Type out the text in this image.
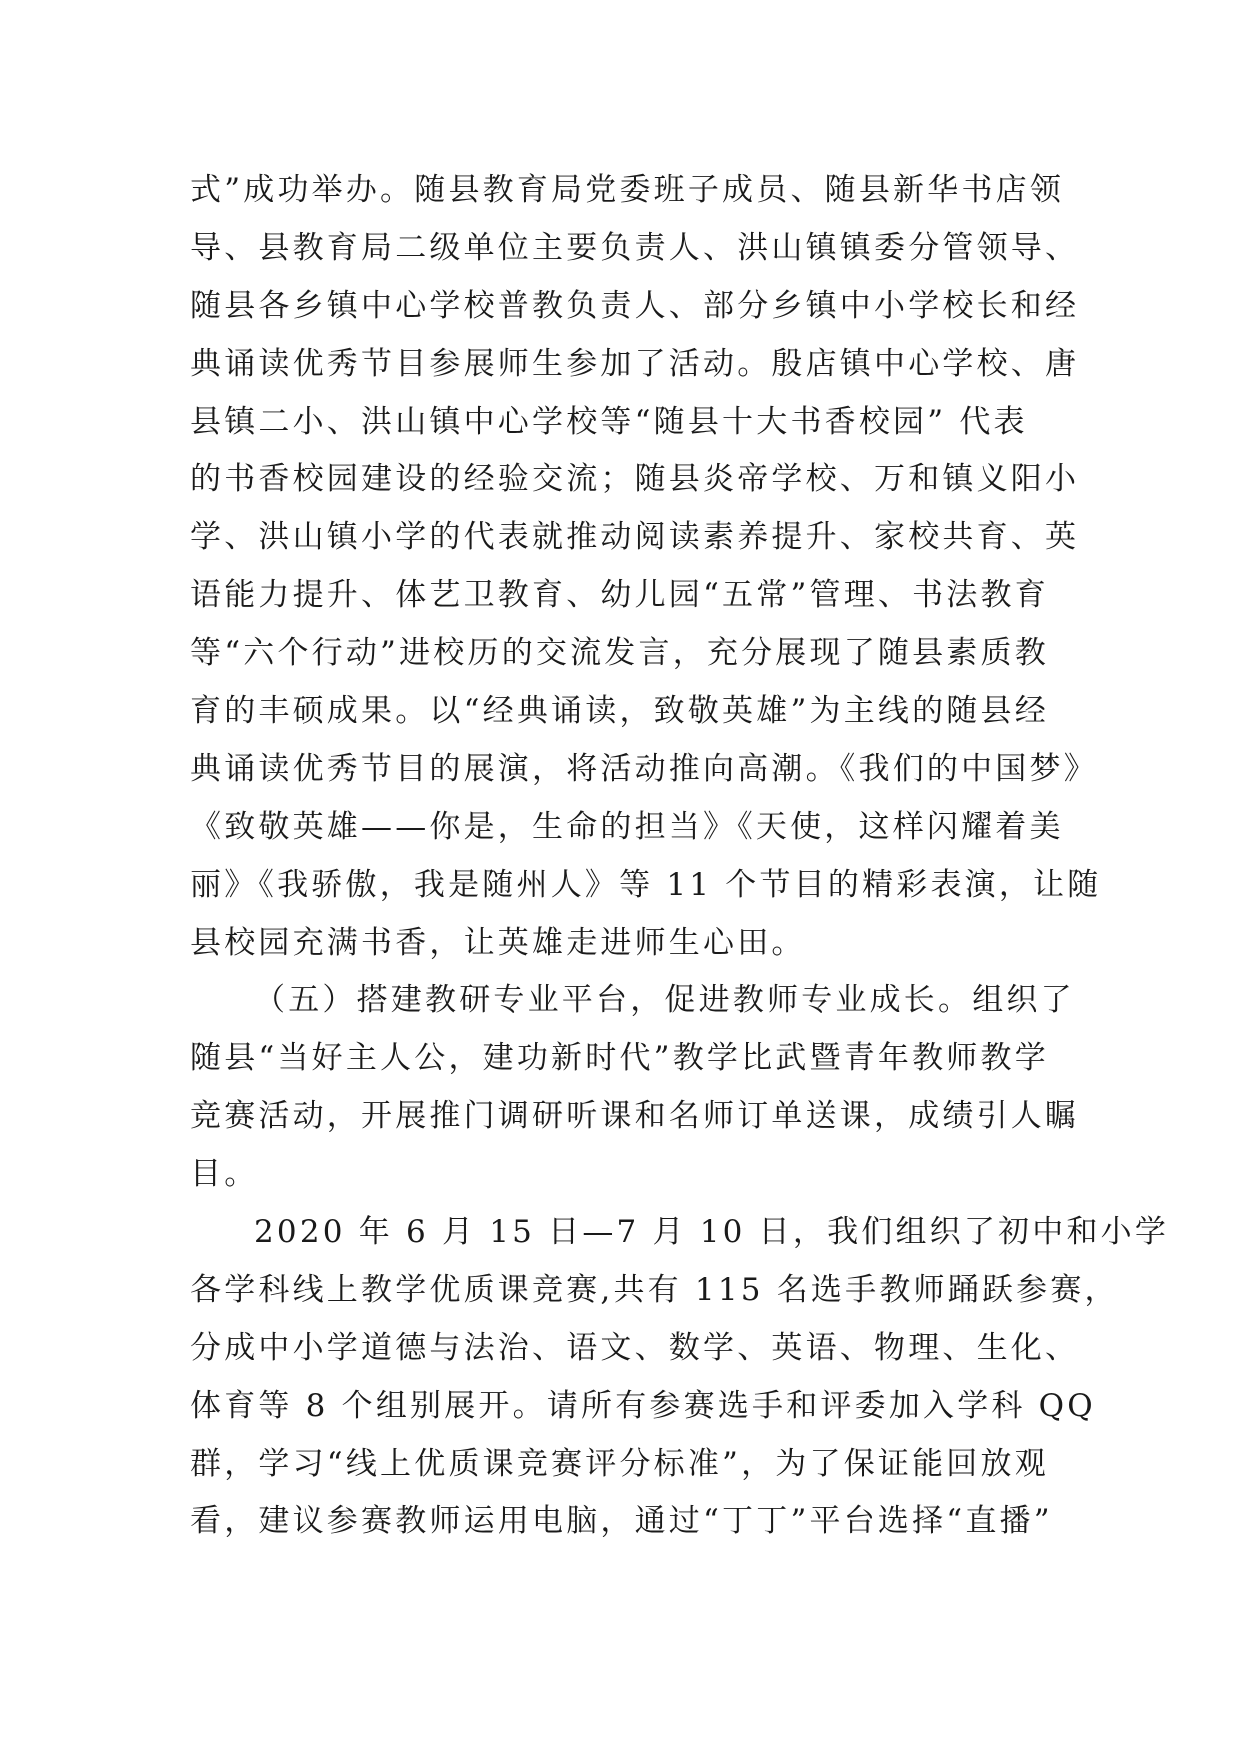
式”成功举办。随县教育局党委班子成员、随县新华书店领
导、县教育局二级单位主要负责人、洪山镇镇委分管领导、
随县各乡镇中心学校普教负责人、部分乡镇中小学校长和经
典诵读优秀节目参展师生参加了活动。殷店镇中心学校、唐
县镇二小、洪山镇中心学校等“随县十大书香校园” 代表
的书香校园建设的经验交流；随县炎帝学校、万和镇义阳小
学、洪山镇小学的代表就推动阅读素养提升、家校共育、英
语能力提升、体艺卫教育、幼儿园“五常”管理、书法教育
等“六个行动”进校历的交流发言，充分展现了随县素质教
育的丰硕成果。以“经典诵读，致敬英雄”为主线的随县经
典诵读优秀节目的展演，将活动推向高潮。《我们的中国梦》
《致敬英雄——你是，生命的担当》《天使，这样闪耀着美
丽》《我骄傲，我是随州人》等 11 个节目的精彩表演，让随
县校园充满书香，让英雄走进师生心田。
（五）搭建教研专业平台，促进教师专业成长。组织了
随县“当好主人公，建功新时代”教学比武暨青年教师教学
竞赛活动，开展推门调研听课和名师订单送课，成绩引人瞩
目。
2020 年 6 月 15 日—7 月 10 日，我们组织了初中和小学
各学科线上教学优质课竞赛,共有 115 名选手教师踊跃参赛，
分成中小学道德与法治、语文、数学、英语、物理、生化、
体育等 8 个组别展开。请所有参赛选手和评委加入学科 QQ
群，学习“线上优质课竞赛评分标准”，为了保证能回放观
看，建议参赛教师运用电脑，通过“丁丁”平台选择“直播”
